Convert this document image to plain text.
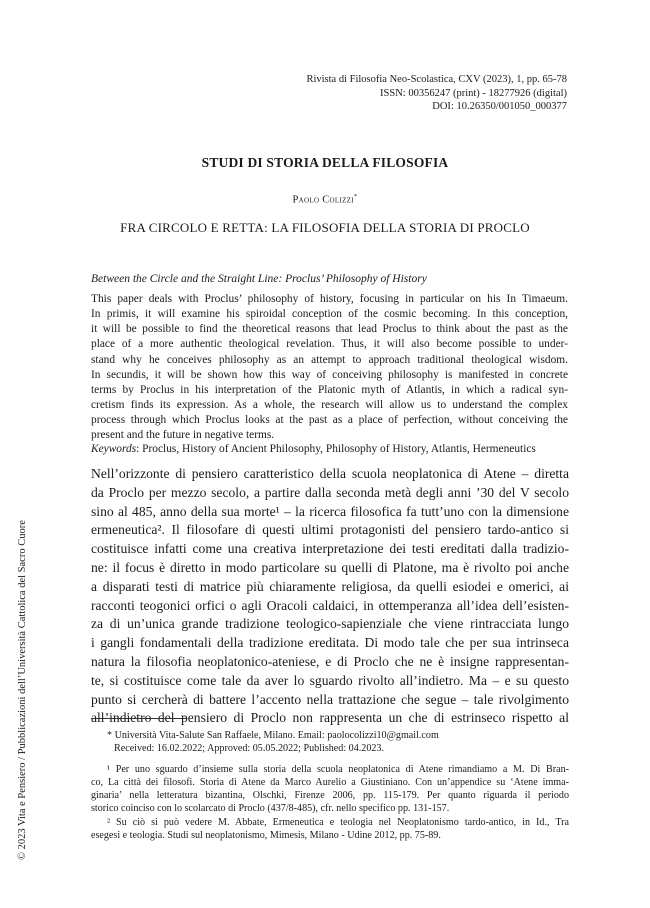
Rivista di Filosofia Neo-Scolastica, CXV (2023), 1, pp. 65-78
ISSN: 00356247 (print) - 18277926 (digital)
DOI: 10.26350/001050_000377
STUDI DI STORIA DELLA FILOSOFIA
Paolo Colizzi*
FRA CIRCOLO E RETTA: LA FILOSOFIA DELLA STORIA DI PROCLO
Between the Circle and the Straight Line: Proclus’ Philosophy of History
This paper deals with Proclus’ philosophy of history, focusing in particular on his In Timaeum.
In primis, it will examine his spiroidal conception of the cosmic becoming. In this conception,
it will be possible to find the theoretical reasons that lead Proclus to think about the past as the
place of a more authentic theological revelation. Thus, it will also become possible to under-
stand why he conceives philosophy as an attempt to approach traditional theological wisdom.
In secundis, it will be shown how this way of conceiving philosophy is manifested in concrete
terms by Proclus in his interpretation of the Platonic myth of Atlantis, in which a radical syn-
cretism finds its expression. As a whole, the research will allow us to understand the complex
process through which Proclus looks at the past as a place of perfection, without conceiving the
present and the future in negative terms.
Keywords: Proclus, History of Ancient Philosophy, Philosophy of History, Atlantis, Hermeneutics
Nell’orizzonte di pensiero caratteristico della scuola neoplatonica di Atene – diretta
da Proclo per mezzo secolo, a partire dalla seconda metà degli anni ’30 del V secolo
sino al 485, anno della sua morte¹ – la ricerca filosofica fa tutt’uno con la dimensione
ermeneutica². Il filosofare di questi ultimi protagonisti del pensiero tardo-antico si
costituisce infatti come una creativa interpretazione dei testi ereditati dalla tradizio-
ne: il focus è diretto in modo particolare su quelli di Platone, ma è rivolto poi anche
a disparati testi di matrice più chiaramente religiosa, da quelli esiodei e omerici, ai
racconti teogonici orfici o agli Oracoli caldaici, in ottemperanza all’idea dell’esisten-
za di un’unica grande tradizione teologico-sapienziale che viene rintracciata lungo
i gangli fondamentali della tradizione ereditata. Di modo tale che per sua intrinseca
natura la filosofia neoplatonico-ateniese, e di Proclo che ne è insigne rappresentan-
te, si costituisce come tale da aver lo sguardo rivolto all’indietro. Ma – e su questo
punto si cercherà di battere l’accento nella trattazione che segue – tale rivolgimento
all’indietro del pensiero di Proclo non rappresenta un che di estrinseco rispetto al
* Università Vita-Salute San Raffaele, Milano. Email: paolocolizzi10@gmail.com
Received: 16.02.2022; Approved: 05.05.2022; Published: 04.2023.
¹ Per uno sguardo d’insieme sulla storia della scuola neoplatonica di Atene rimandiamo a M. Di Bran-
co, La città dei filosofi. Storia di Atene da Marco Aurelio a Giustiniano. Con un’appendice su ‘Atene imma-
ginaria’ nella letteratura bizantina, Olschki, Firenze 2006, pp. 115-179. Per quanto riguarda il periodo
storico coinciso con lo scolarcato di Proclo (437/8-485), cfr. nello specifico pp. 131-157.
² Su ciò si può vedere M. Abbate, Ermeneutica e teologia nel Neoplatonismo tardo-antico, in Id., Tra
esegesi e teologia. Studi sul neoplatonismo, Mimesis, Milano - Udine 2012, pp. 75-89.
© 2023 Vita e Pensiero / Pubblicazioni dell’Università Cattolica del Sacro Cuore
